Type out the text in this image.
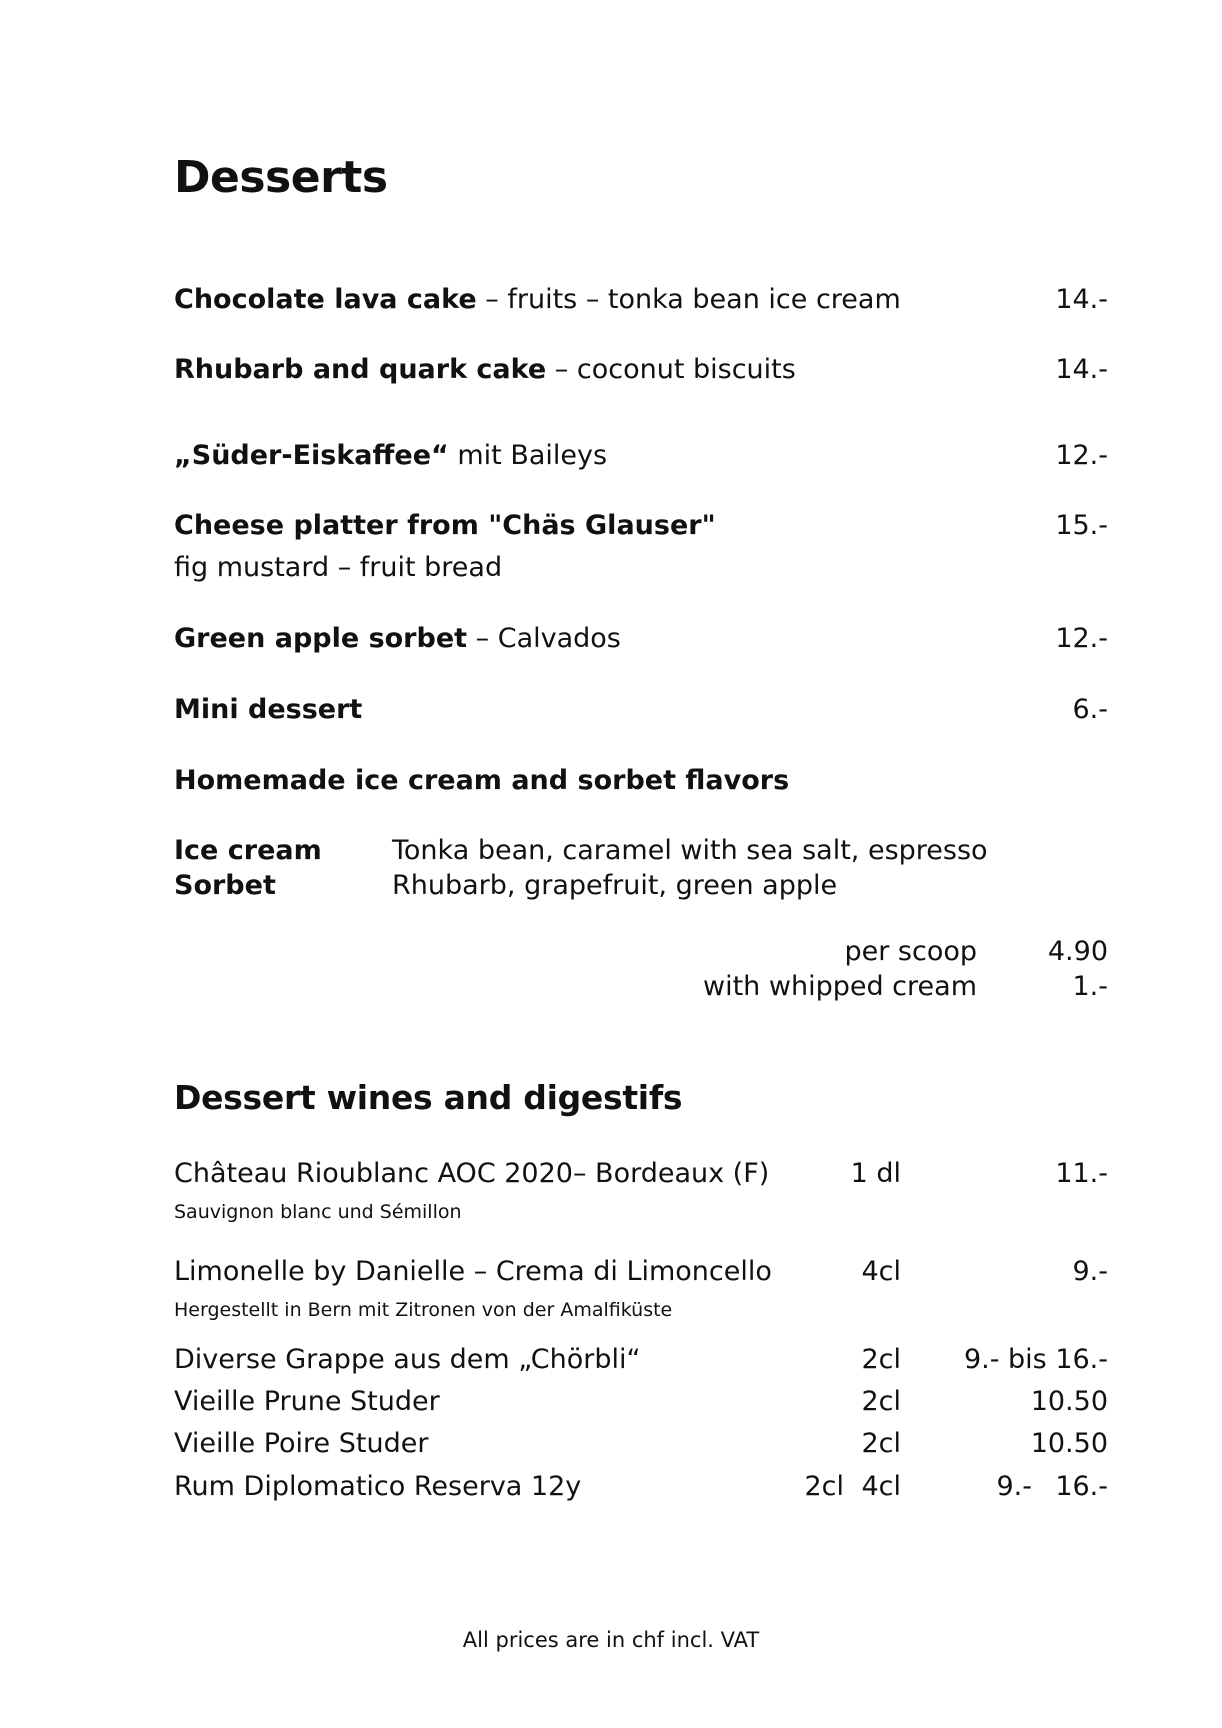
Desserts
Chocolate lava cake – fruits – tonka bean ice cream	14.-
Rhubarb and quark cake – coconut biscuits	14.-
„Süder-Eiskaffee“ mit Baileys	12.-
Cheese platter from "Chäs Glauser"	15.-
fig mustard – fruit bread
Green apple sorbet – Calvados	12.-
Mini dessert	6.-
Homemade ice cream and sorbet flavors
Ice cream	Tonka bean, caramel with sea salt, espresso
Sorbet	Rhubarb, grapefruit, green apple
per scoop	4.90
with whipped cream	1.-
Dessert wines and digestifs
Château Rioublanc AOC 2020– Bordeaux (F)	1 dl	11.-
Sauvignon blanc und Sémillon
Limonelle by Danielle – Crema di Limoncello	4cl	9.-
Hergestellt in Bern mit Zitronen von der Amalfiküste
Diverse Grappe aus dem „Chörbli“	2cl 9.- bis 16.-
Vieille Prune Studer	2cl	10.50
Vieille Poire Studer	2cl	10.50
Rum Diplomatico Reserva 12y	2cl 4cl	9.- 16.-
All prices are in chf incl. VAT
